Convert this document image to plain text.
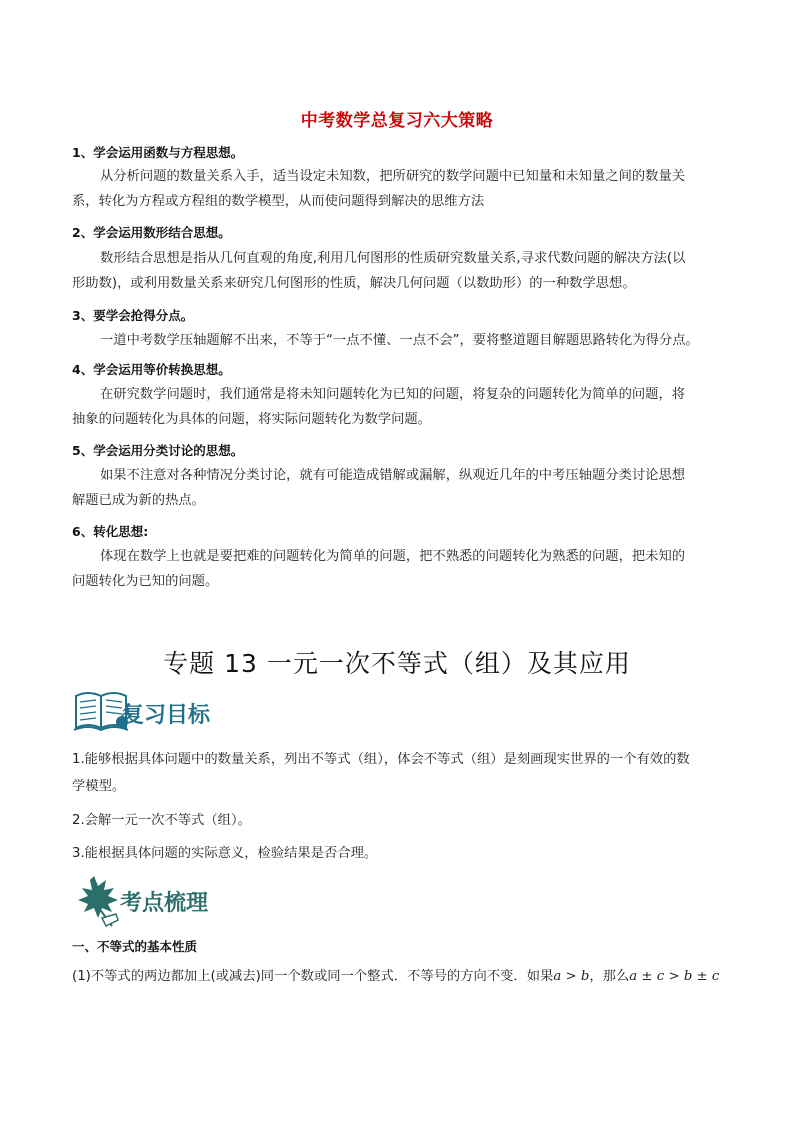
中考数学总复习六大策略
1、学会运用函数与方程思想。
从分析问题的数量关系入手，适当设定未知数，把所研究的数学问题中已知量和未知量之间的数量关
系，转化为方程或方程组的数学模型，从而使问题得到解决的思维方法
2、学会运用数形结合思想。
数形结合思想是指从几何直观的角度,利用几何图形的性质研究数量关系,寻求代数问题的解决方法(以
形助数)，或利用数量关系来研究几何图形的性质，解决几何问题（以数助形）的一种数学思想。
3、要学会抢得分点。
一道中考数学压轴题解不出来，不等于“一点不懂、一点不会”，要将整道题目解题思路转化为得分点。
4、学会运用等价转换思想。
在研究数学问题时，我们通常是将未知问题转化为已知的问题，将复杂的问题转化为简单的问题，将
抽象的问题转化为具体的问题，将实际问题转化为数学问题。
5、学会运用分类讨论的思想。
如果不注意对各种情况分类讨论，就有可能造成错解或漏解，纵观近几年的中考压轴题分类讨论思想
解题已成为新的热点。
6、转化思想:
体现在数学上也就是要把难的问题转化为简单的问题，把不熟悉的问题转化为熟悉的问题，把未知的
问题转化为已知的问题。
专题 13 一元一次不等式（组）及其应用
复习目标
1.能够根据具体问题中的数量关系，列出不等式（组），体会不等式（组）是刻画现实世界的一个有效的数
学模型。
2.会解一元一次不等式（组）。
3.能根据具体问题的实际意义，检验结果是否合理。
考点梳理
一、不等式的基本性质
(1)不等式的两边都加上(或减去)同一个数或同一个整式．不等号的方向不变．如果a > b，那么a ± c > b ± c
